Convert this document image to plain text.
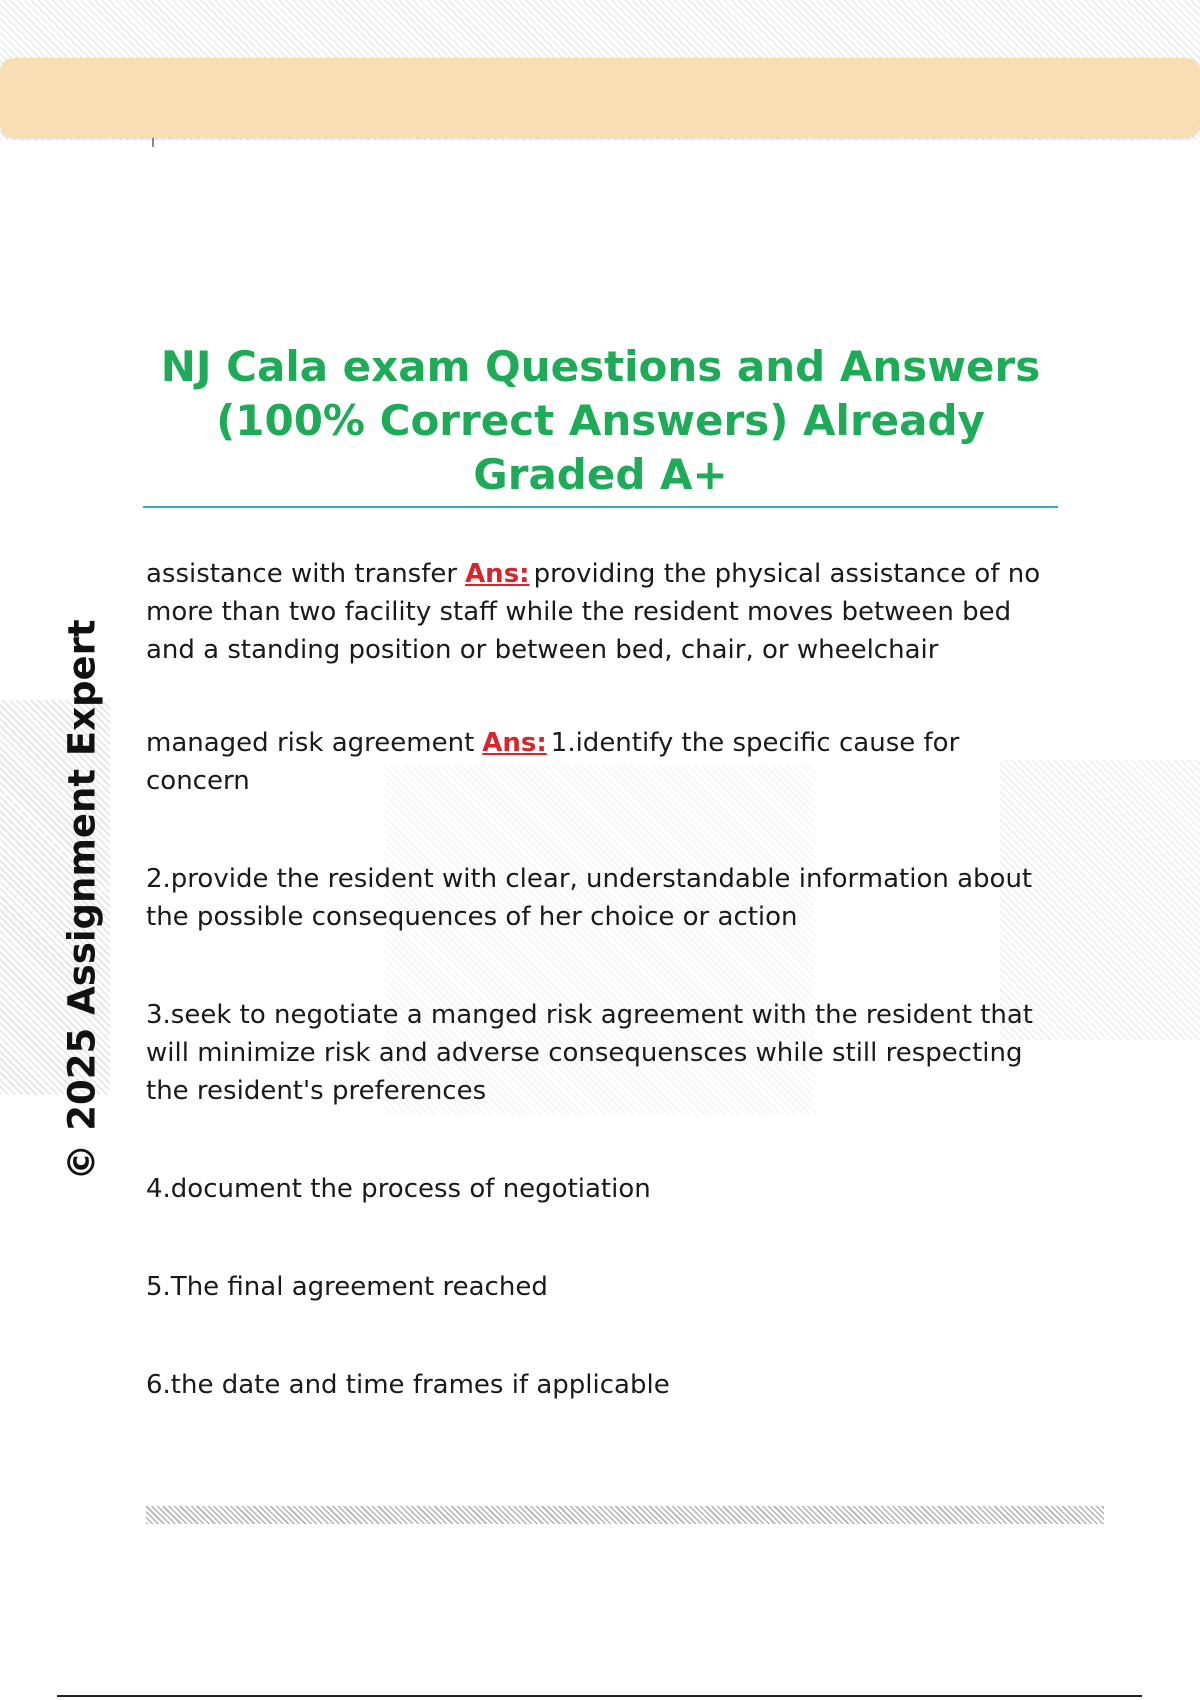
© 2025 Assignment Expert
NJ Cala exam Questions and Answers (100% Correct Answers) Already Graded A+

assistance with transfer Ans: providing the physical assistance of no more than two facility staff while the resident moves between bed and a standing position or between bed, chair, or wheelchair

managed risk agreement Ans: 1.identify the specific cause for concern

2.provide the resident with clear, understandable information about the possible consequences of her choice or action

3.seek to negotiate a manged risk agreement with the resident that will minimize risk and adverse consequensces while still respecting the resident's preferences

4.document the process of negotiation

5.The final agreement reached

6.the date and time frames if applicable
